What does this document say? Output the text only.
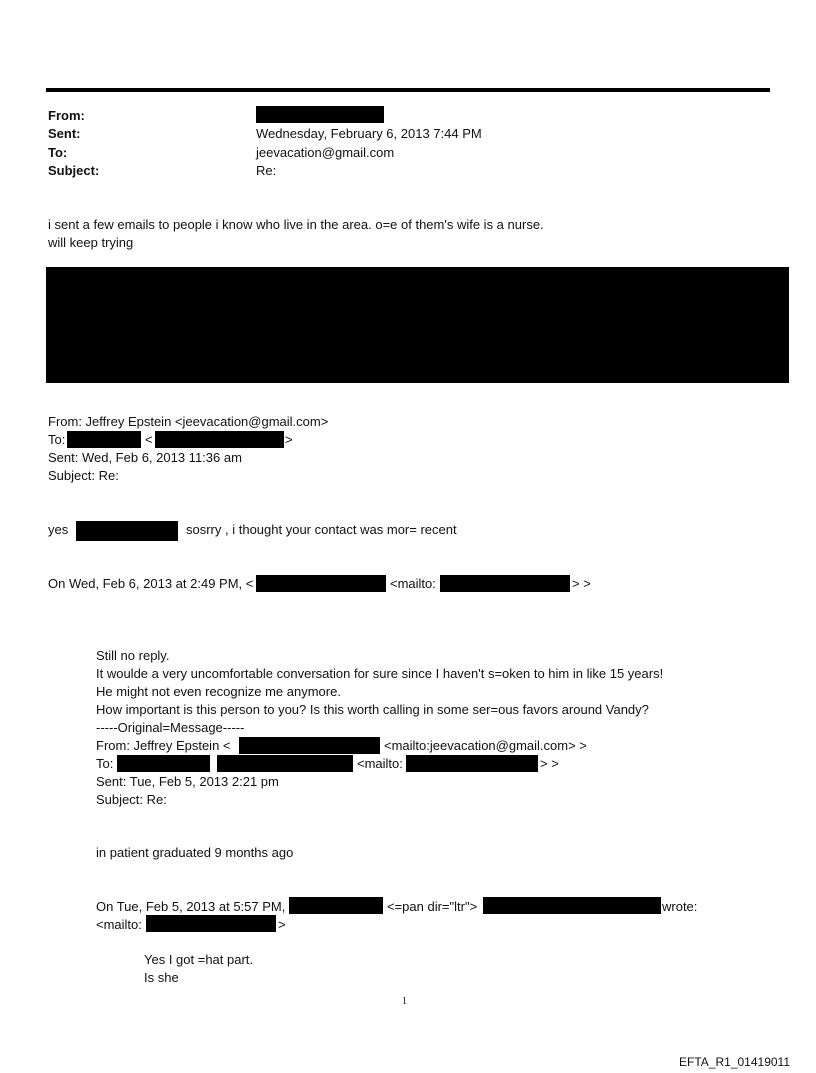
From:
Sent:	Wednesday, February 6, 2013 7:44 PM
To:	jeevacation@gmail.com
Subject:	Re:
i sent a few emails to people i know who live in the area. o=e of them's wife is a nurse.
will keep trying
From: Jeffrey Epstein <jeevacation@gmail.com>
To:	<	>
Sent: Wed, Feb 6, 2013 11:36 am
Subject: Re:
yes	sosrry , i thought your contact was mor= recent
On Wed, Feb 6, 2013 at 2:49 PM, <	<mailto:	> >
Still no reply.
It woulde a very uncomfortable conversation for sure since I haven't s=oken to him in like 15 years!
He might not even recognize me anymore.
How important is this person to you? Is this worth calling in some ser=ous favors around Vandy?
-----Original=Message-----
From: Jeffrey Epstein <	<mailto:jeevacation@gmail.com> >
To:	<mailto:	> >
Sent: Tue, Feb 5, 2013 2:21 pm
Subject: Re:
in patient graduated 9 months ago
On Tue, Feb 5, 2013 at 5:57 PM,	<=pan dir="ltr">	wrote:
<mailto:	>
Yes I got =hat part.
Is she
1
EFTA_R1_01419011
